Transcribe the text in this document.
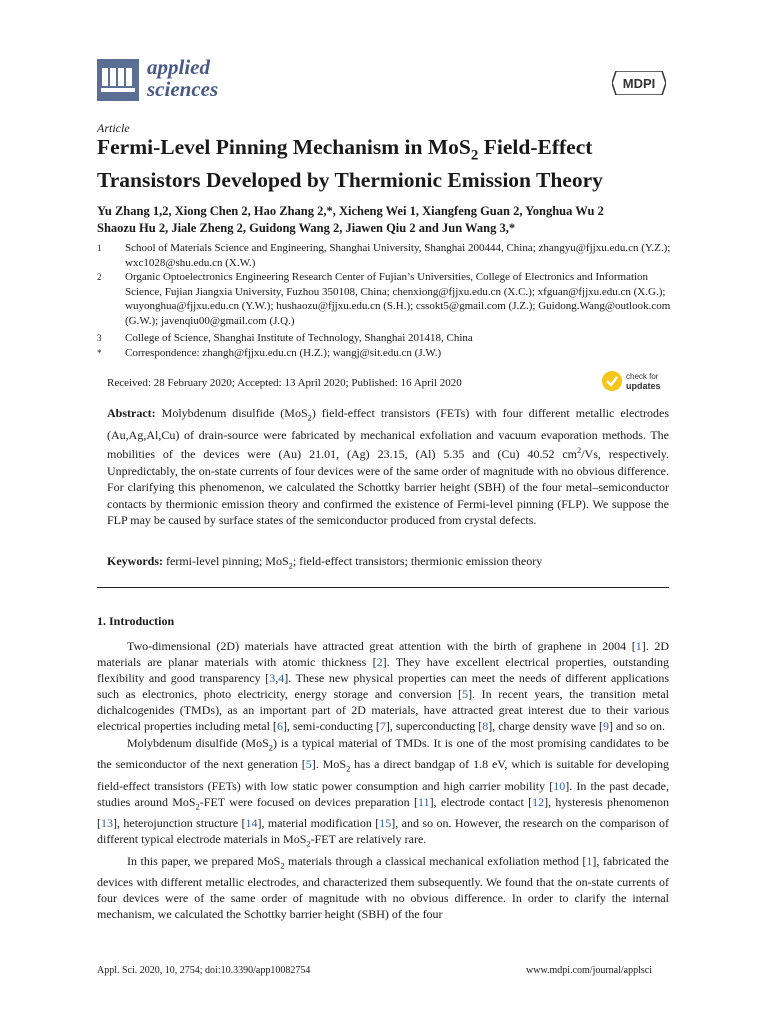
applied
sciences	MDPI
Article
Fermi-Level Pinning Mechanism in MoS$_2$ Field-Effect
Transistors Developed by Thermionic Emission Theory
Yu Zhang 1,2, Xiong Chen 2, Hao Zhang 2,*, Xicheng Wei 1, Xiangfeng Guan 2, Yonghua Wu 2
Shaozu Hu 2, Jiale Zheng 2, Guidong Wang 2, Jiawen Qiu 2 and Jun Wang 3,*
1	School of Materials Science and Engineering, Shanghai University, Shanghai 200444, China; zhangyu@fjjxu.edu.cn (Y.Z.); wxc1028@shu.edu.cn (X.W.)
2	Organic Optoelectronics Engineering Research Center of Fujian’s Universities, College of Electronics and Information Science, Fujian Jiangxia University, Fuzhou 350108, China; chenxiong@fjjxu.edu.cn (X.C.); xfguan@fjjxu.edu.cn (X.G.); wuyonghua@fjjxu.edu.cn (Y.W.); hushaozu@fjjxu.edu.cn (S.H.); cssokt5@gmail.com (J.Z.); Guidong.Wang@outlook.com (G.W.); javenqiu00@gmail.com (J.Q.)
3	College of Science, Shanghai Institute of Technology, Shanghai 201418, China
*	Correspondence: zhangh@fjjxu.edu.cn (H.Z.); wangj@sit.edu.cn (J.W.)
Received: 28 February 2020; Accepted: 13 April 2020; Published: 16 April 2020
check for
updates
Abstract: Molybdenum disulfide (MoS$_2$) field-effect transistors (FETs) with four different metallic electrodes (Au,Ag,Al,Cu) of drain-source were fabricated by mechanical exfoliation and vacuum evaporation methods. The mobilities of the devices were (Au) 21.01, (Ag) 23.15, (Al) 5.35 and (Cu) 40.52 $cm^2/Vs$, respectively. Unpredictably, the on-state currents of four devices were of the same order of magnitude with no obvious difference. For clarifying this phenomenon, we calculated the Schottky barrier height (SBH) of the four metal–semiconductor contacts by thermionic emission theory and confirmed the existence of Fermi-level pinning (FLP). We suppose the FLP may be caused by surface states of the semiconductor produced from crystal defects.
Keywords: fermi-level pinning; MoS$_2$; field-effect transistors; thermionic emission theory
1. Introduction

Two-dimensional (2D) materials have attracted great attention with the birth of graphene in 2004 [1]. 2D materials are planar materials with atomic thickness [2]. They have excellent electrical properties, outstanding flexibility and good transparency [3,4]. These new physical properties can meet the needs of different applications such as electronics, photo electricity, energy storage and conversion [5]. In recent years, the transition metal dichalcogenides (TMDs), as an important part of 2D materials, have attracted great interest due to their various electrical properties including metal [6], semi-conducting [7], superconducting [8], charge density wave [9] and so on.

Molybdenum disulfide (MoS$_2$) is a typical material of TMDs. It is one of the most promising candidates to be the semiconductor of the next generation [5]. MoS$_2$ has a direct bandgap of 1.8 eV, which is suitable for developing field-effect transistors (FETs) with low static power consumption and high carrier mobility [10]. In the past decade, studies around MoS$_2$-FET were focused on devices preparation [11], electrode contact [12], hysteresis phenomenon [13], heterojunction structure [14], material modification [15], and so on. However, the research on the comparison of different typical electrode materials in MoS$_2$-FET are relatively rare.

In this paper, we prepared MoS$_2$ materials through a classical mechanical exfoliation method [1], fabricated the devices with different metallic electrodes, and characterized them subsequently. We found that the on-state currents of four devices were of the same order of magnitude with no obvious difference. In order to clarify the internal mechanism, we calculated the Schottky barrier height (SBH) of the four

Appl. Sci. 2020, 10, 2754; doi:10.3390/app10082754	www.mdpi.com/journal/applsci
